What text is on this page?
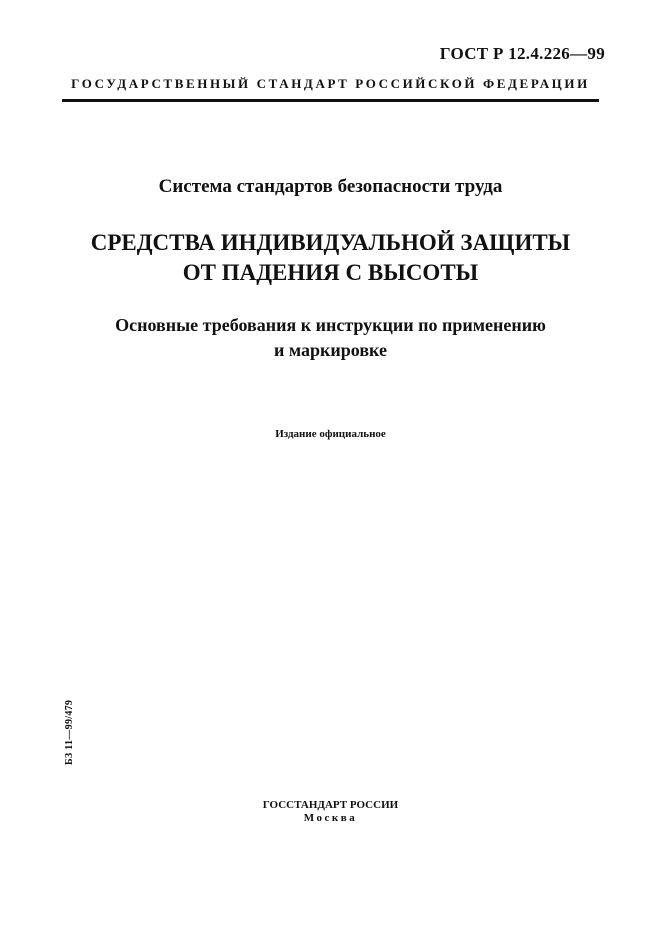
ГОСТ Р 12.4.226—99
ГОСУДАРСТВЕННЫЙ СТАНДАРТ РОССИЙСКОЙ ФЕДЕРАЦИИ
Система стандартов безопасности труда
СРЕДСТВА ИНДИВИДУАЛЬНОЙ ЗАЩИТЫ
ОТ ПАДЕНИЯ С ВЫСОТЫ
Основные требования к инструкции по применению
и маркировке
Издание официальное
БЗ 11—99/479
ГОССТАНДАРТ РОССИИ
Москва
